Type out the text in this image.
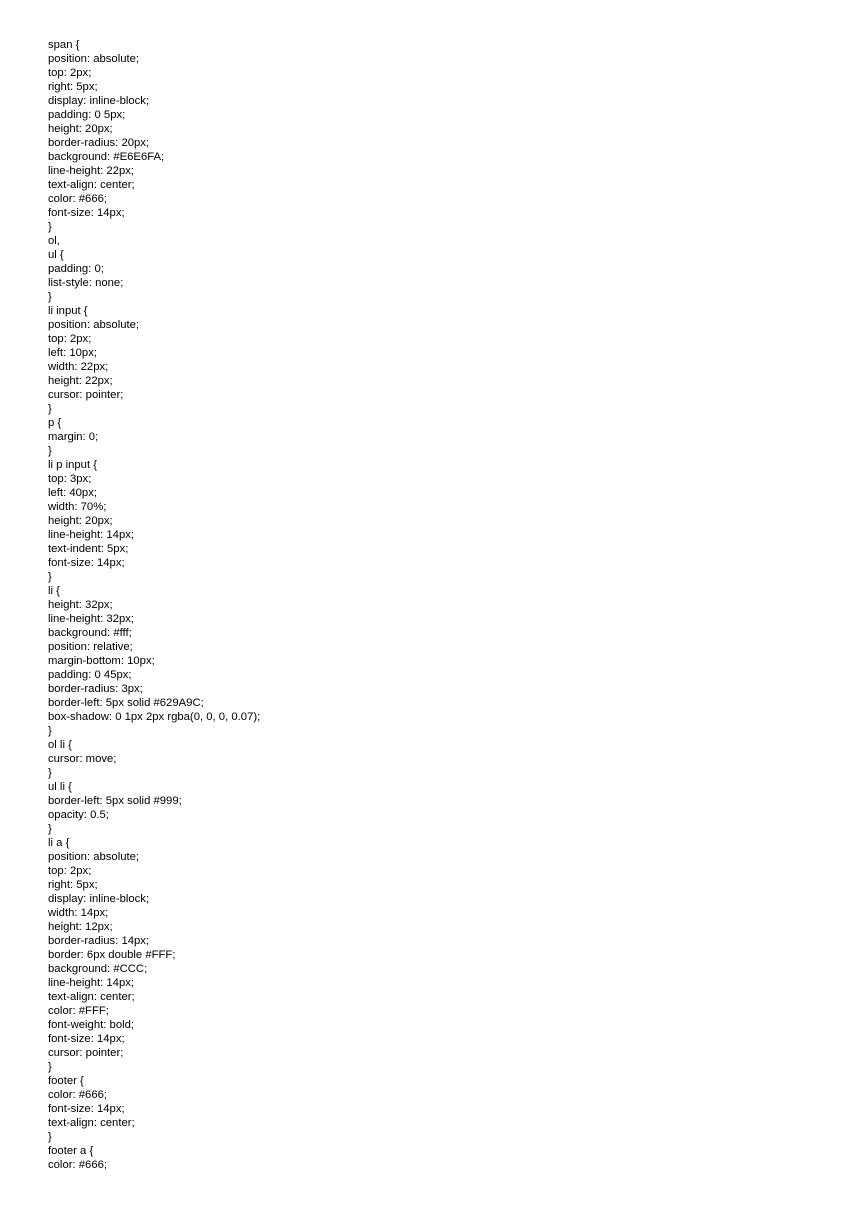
span {
position: absolute;
top: 2px;
right: 5px;
display: inline-block;
padding: 0 5px;
height: 20px;
border-radius: 20px;
background: #E6E6FA;
line-height: 22px;
text-align: center;
color: #666;
font-size: 14px;
}
ol,
ul {
padding: 0;
list-style: none;
}
li input {
position: absolute;
top: 2px;
left: 10px;
width: 22px;
height: 22px;
cursor: pointer;
}
p {
margin: 0;
}
li p input {
top: 3px;
left: 40px;
width: 70%;
height: 20px;
line-height: 14px;
text-indent: 5px;
font-size: 14px;
}
li {
height: 32px;
line-height: 32px;
background: #fff;
position: relative;
margin-bottom: 10px;
padding: 0 45px;
border-radius: 3px;
border-left: 5px solid #629A9C;
box-shadow: 0 1px 2px rgba(0, 0, 0, 0.07);
}
ol li {
cursor: move;
}
ul li {
border-left: 5px solid #999;
opacity: 0.5;
}
li a {
position: absolute;
top: 2px;
right: 5px;
display: inline-block;
width: 14px;
height: 12px;
border-radius: 14px;
border: 6px double #FFF;
background: #CCC;
line-height: 14px;
text-align: center;
color: #FFF;
font-weight: bold;
font-size: 14px;
cursor: pointer;
}
footer {
color: #666;
font-size: 14px;
text-align: center;
}
footer a {
color: #666;
